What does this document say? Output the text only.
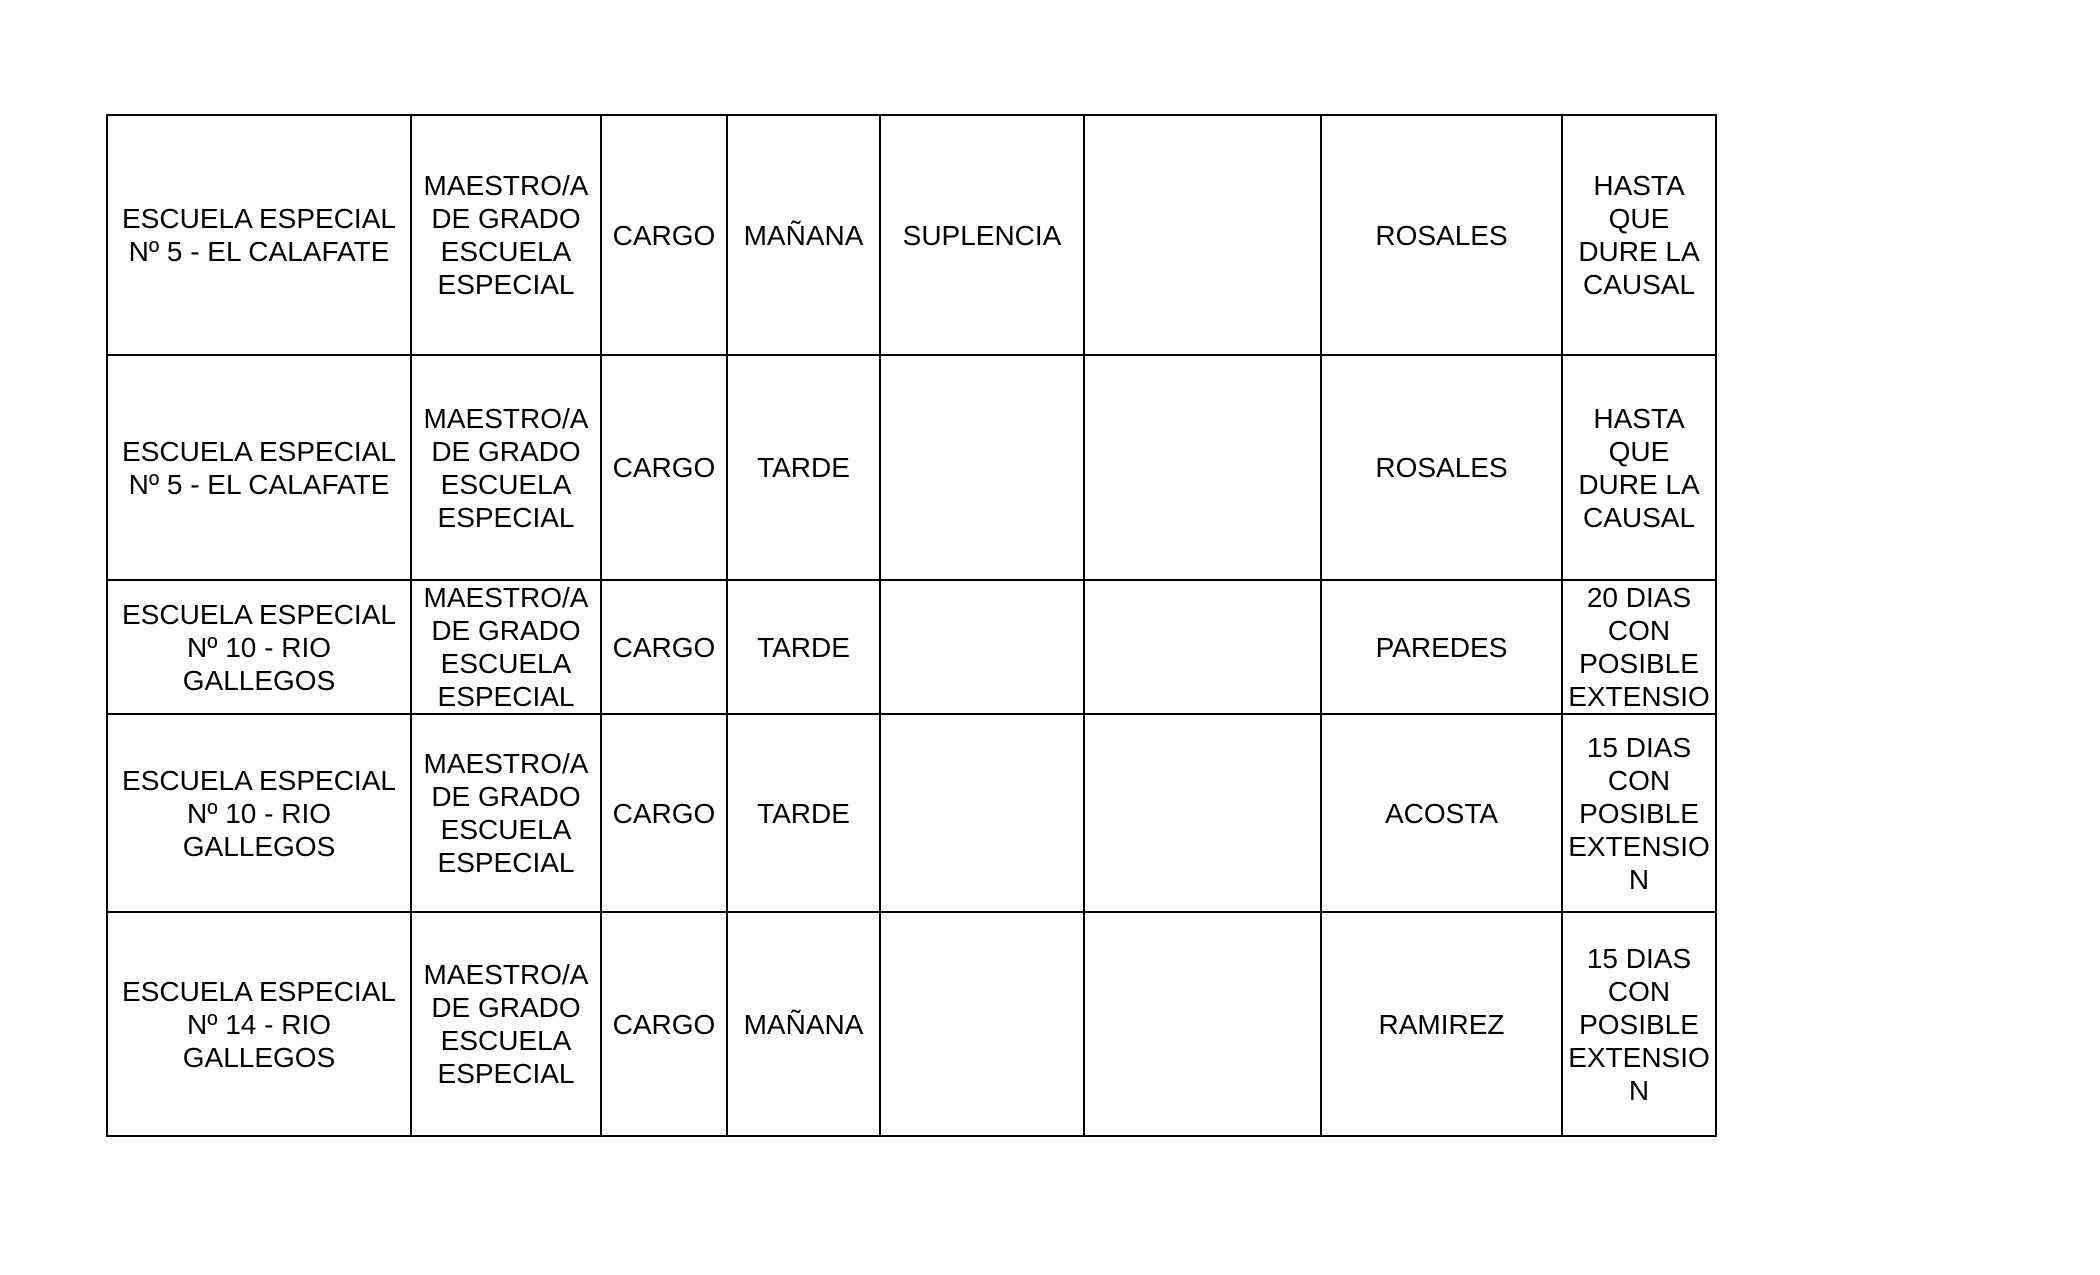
ESCUELA ESPECIAL
Nº 5 - EL CALAFATE	MAESTRO/A
DE GRADO
ESCUELA
ESPECIAL	CARGO	MAÑANA	SUPLENCIA		ROSALES	HASTA
QUE
DURE LA
CAUSAL

ESCUELA ESPECIAL
Nº 5 - EL CALAFATE	MAESTRO/A
DE GRADO
ESCUELA
ESPECIAL	CARGO	TARDE			ROSALES	HASTA
QUE
DURE LA
CAUSAL

ESCUELA ESPECIAL
Nº 10 - RIO
GALLEGOS	MAESTRO/A
DE GRADO
ESCUELA
ESPECIAL	CARGO	TARDE			PAREDES	20 DIAS
CON
POSIBLE
EXTENSIO

ESCUELA ESPECIAL
Nº 10 - RIO
GALLEGOS	MAESTRO/A
DE GRADO
ESCUELA
ESPECIAL	CARGO	TARDE			ACOSTA	15 DIAS
CON
POSIBLE
EXTENSIO
N

ESCUELA ESPECIAL
Nº 14 - RIO
GALLEGOS	MAESTRO/A
DE GRADO
ESCUELA
ESPECIAL	CARGO	MAÑANA			RAMIREZ	15 DIAS
CON
POSIBLE
EXTENSIO
N
